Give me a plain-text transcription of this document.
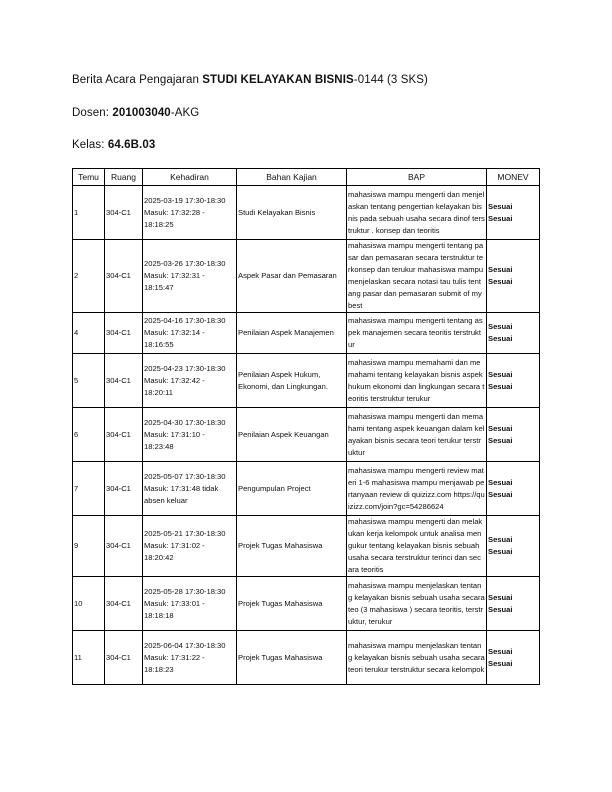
Berita Acara Pengajaran STUDI KELAYAKAN BISNIS-0144 (3 SKS)
Dosen: 201003040-AKG
Kelas: 64.6B.03
Temu	Ruang	Kehadiran	Bahan Kajian	BAP	MONEV
1	304-C1	2025-03-19 17:30-18:30 Masuk: 17:32:28 - 18:18:25	Studi Kelayakan Bisnis	mahasiswa mampu mengerti dan menjelaskan tentang pengertian kelayakan bisnis pada sebuah usaha secara dinof terstruktur . konsep dan teoritis	Sesuai
Sesuai

2	304-C1	2025-03-26 17:30-18:30 Masuk: 17:32:31 - 18:15:47	Aspek Pasar dan Pemasaran	mahasiswa mampu mengerti tentang pasar dan pemasaran secara terstruktur terkonsep dan terukur mahasiswa mampu menjelaskan secara notasi tau tulis tentang pasar dan pemasaran submit of my best	Sesuai
Sesuai

4	304-C1	2025-04-16 17:30-18:30 Masuk: 17:32:14 - 18:16:55	Penilaian Aspek Manajemen	mahasiswa mampu mengerti tentang aspek manajemen secara teoritis terstruktur	Sesuai
Sesuai

5	304-C1	2025-04-23 17:30-18:30 Masuk: 17:32:42 - 18:20:11	Penilaian Aspek Hukum, Ekonomi, dan Lingkungan.	mahasiswa mampu memahami dan memahami tentang kelayakan bisnis aspek hukum ekonomi dan lingkungan secara teoritis terstruktur terukur	Sesuai
Sesuai

6	304-C1	2025-04-30 17:30-18:30 Masuk: 17:31:10 - 18:23:48	Penilaian Aspek Keuangan	mahasiswa mampu mengerti dan memahami tentang aspek keuangan dalam kelayakan bisnis secara teori terukur terstruktur	Sesuai
Sesuai

7	304-C1	2025-05-07 17:30-18:30 Masuk: 17:31:48 tidak absen keluar	Pengumpulan Project	mahasiswa mampu mengerti review materi 1-6 mahasiswa mampu menjawab pertanyaan review di quizizz.com https://quizizz.com/join?gc=54286624	Sesuai
Sesuai

9	304-C1	2025-05-21 17:30-18:30 Masuk: 17:31:02 - 18:20:42	Projek Tugas Mahasiswa	mahasiswa mampu mengerti dan melakukan kerja kelompok untuk analisa mengukur tentang kelayakan bisnis sebuah usaha secara terstruktur terinci dan secara teoritis	Sesuai
Sesuai

10	304-C1	2025-05-28 17:30-18:30 Masuk: 17:33:01 - 18:18:18	Projek Tugas Mahasiswa	mahasiswa mampu menjelaskan tentang kelayakan bisnis sebuah usaha secara teo (3 mahasiswa ) secara teoritis, terstruktur, terukur	Sesuai
Sesuai

11	304-C1	2025-06-04 17:30-18:30 Masuk: 17:31:22 - 18:18:23	Projek Tugas Mahasiswa	mahasiswa mampu menjelaskan tentang kelayakan bisnis sebuah usaha secara teori terukur terstruktur secara kelompok	Sesuai
Sesuai
